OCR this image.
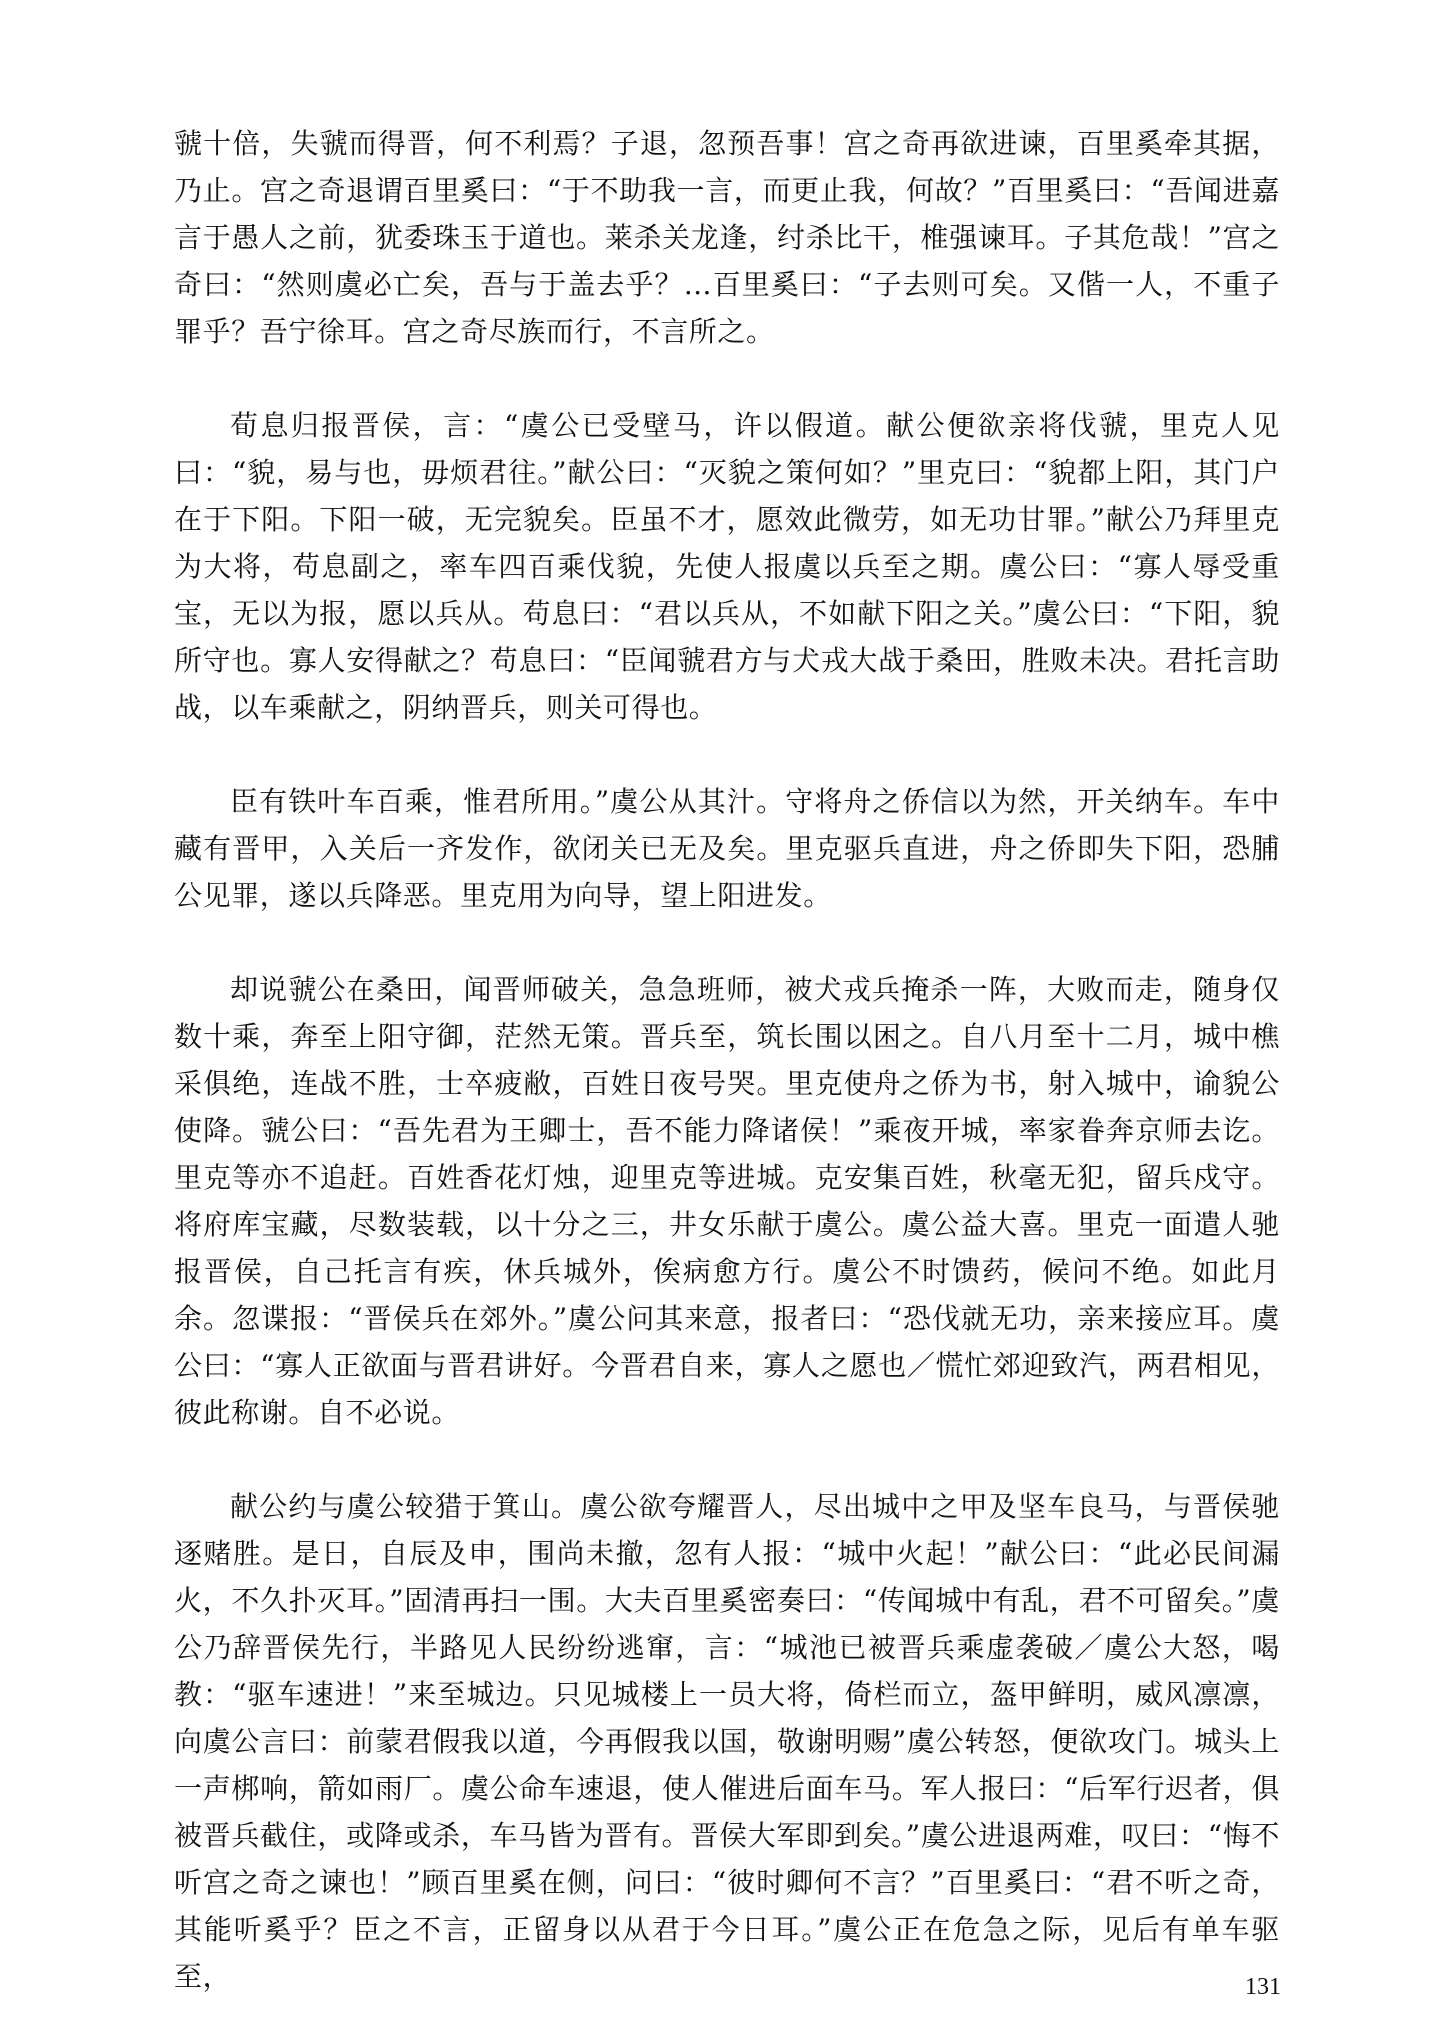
虢十倍，失虢而得晋，何不利焉？子退，忽预吾事！宫之奇再欲进谏，百里奚牵其据，乃止。宫之奇退谓百里奚曰：“于不助我一言，而更止我，何故？”百里奚曰：“吾闻进嘉言于愚人之前，犹委珠玉于道也。莱杀关龙逢，纣杀比干，椎强谏耳。子其危哉！”宫之奇曰：“然则虞必亡矣，吾与于盖去乎？…百里奚曰：“子去则可矣。又偕一人，不重子罪乎？吾宁徐耳。宫之奇尽族而行，不言所之。

荀息归报晋侯，言：“虞公已受壁马，许以假道。献公便欲亲将伐虢，里克人见曰：“貌，易与也，毋烦君往。”献公曰：“灭貌之策何如？”里克曰：“貌都上阳，其门户在于下阳。下阳一破，无完貌矣。臣虽不才，愿效此微劳，如无功甘罪。”献公乃拜里克为大将，苟息副之，率车四百乘伐貌，先使人报虞以兵至之期。虞公曰：“寡人辱受重宝，无以为报，愿以兵从。苟息曰：“君以兵从，不如献下阳之关。”虞公曰：“下阳，貌所守也。寡人安得献之？苟息曰：“臣闻虢君方与犬戎大战于桑田，胜败未决。君托言助战，以车乘献之，阴纳晋兵，则关可得也。

臣有铁叶车百乘，惟君所用。”虞公从其汁。守将舟之侨信以为然，开关纳车。车中藏有晋甲，入关后一齐发作，欲闭关已无及矣。里克驱兵直进，舟之侨即失下阳，恐脯公见罪，遂以兵降恶。里克用为向导，望上阳进发。

却说虢公在桑田，闻晋师破关，急急班师，被犬戎兵掩杀一阵，大败而走，随身仅数十乘，奔至上阳守御，茫然无策。晋兵至，筑长围以困之。自八月至十二月，城中樵采俱绝，连战不胜，士卒疲敝，百姓日夜号哭。里克使舟之侨为书，射入城中，谕貌公使降。虢公曰：“吾先君为王卿士，吾不能力降诸侯！”乘夜开城，率家眷奔京师去讫。里克等亦不追赶。百姓香花灯烛，迎里克等进城。克安集百姓，秋毫无犯，留兵戍守。将府库宝藏，尽数装载，以十分之三，井女乐献于虞公。虞公益大喜。里克一面遣人驰报晋侯，自己托言有疾，休兵城外，俟病愈方行。虞公不时馈药，候问不绝。如此月余。忽谍报：“晋侯兵在郊外。”虞公问其来意，报者曰：“恐伐就无功，亲来接应耳。虞公曰：“寡人正欲面与晋君讲好。今晋君自来，寡人之愿也／慌忙郊迎致汽，两君相见，彼此称谢。自不必说。

献公约与虞公较猎于箕山。虞公欲夸耀晋人，尽出城中之甲及坚车良马，与晋侯驰逐赌胜。是日，自辰及申，围尚未撤，忽有人报：“城中火起！”献公曰：“此必民间漏火，不久扑灭耳。”固清再扫一围。大夫百里奚密奏曰：“传闻城中有乱，君不可留矣。”虞公乃辞晋侯先行，半路见人民纷纷逃窜，言：“城池已被晋兵乘虚袭破／虞公大怒，喝教：“驱车速进！”来至城边。只见城楼上一员大将，倚栏而立，盔甲鲜明，威风凛凛，向虞公言曰：前蒙君假我以道，今再假我以国，敬谢明赐”虞公转怒，便欲攻门。城头上一声梆响，箭如雨厂。虞公命车速退，使人催进后面车马。军人报曰：“后军行迟者，俱被晋兵截住，或降或杀，车马皆为晋有。晋侯大军即到矣。”虞公进退两难，叹曰：“悔不听宫之奇之谏也！”顾百里奚在侧，问曰：“彼时卿何不言？”百里奚曰：“君不听之奇，其能听奚乎？臣之不言，正留身以从君于今日耳。”虞公正在危急之际，见后有单车驱至，	131
